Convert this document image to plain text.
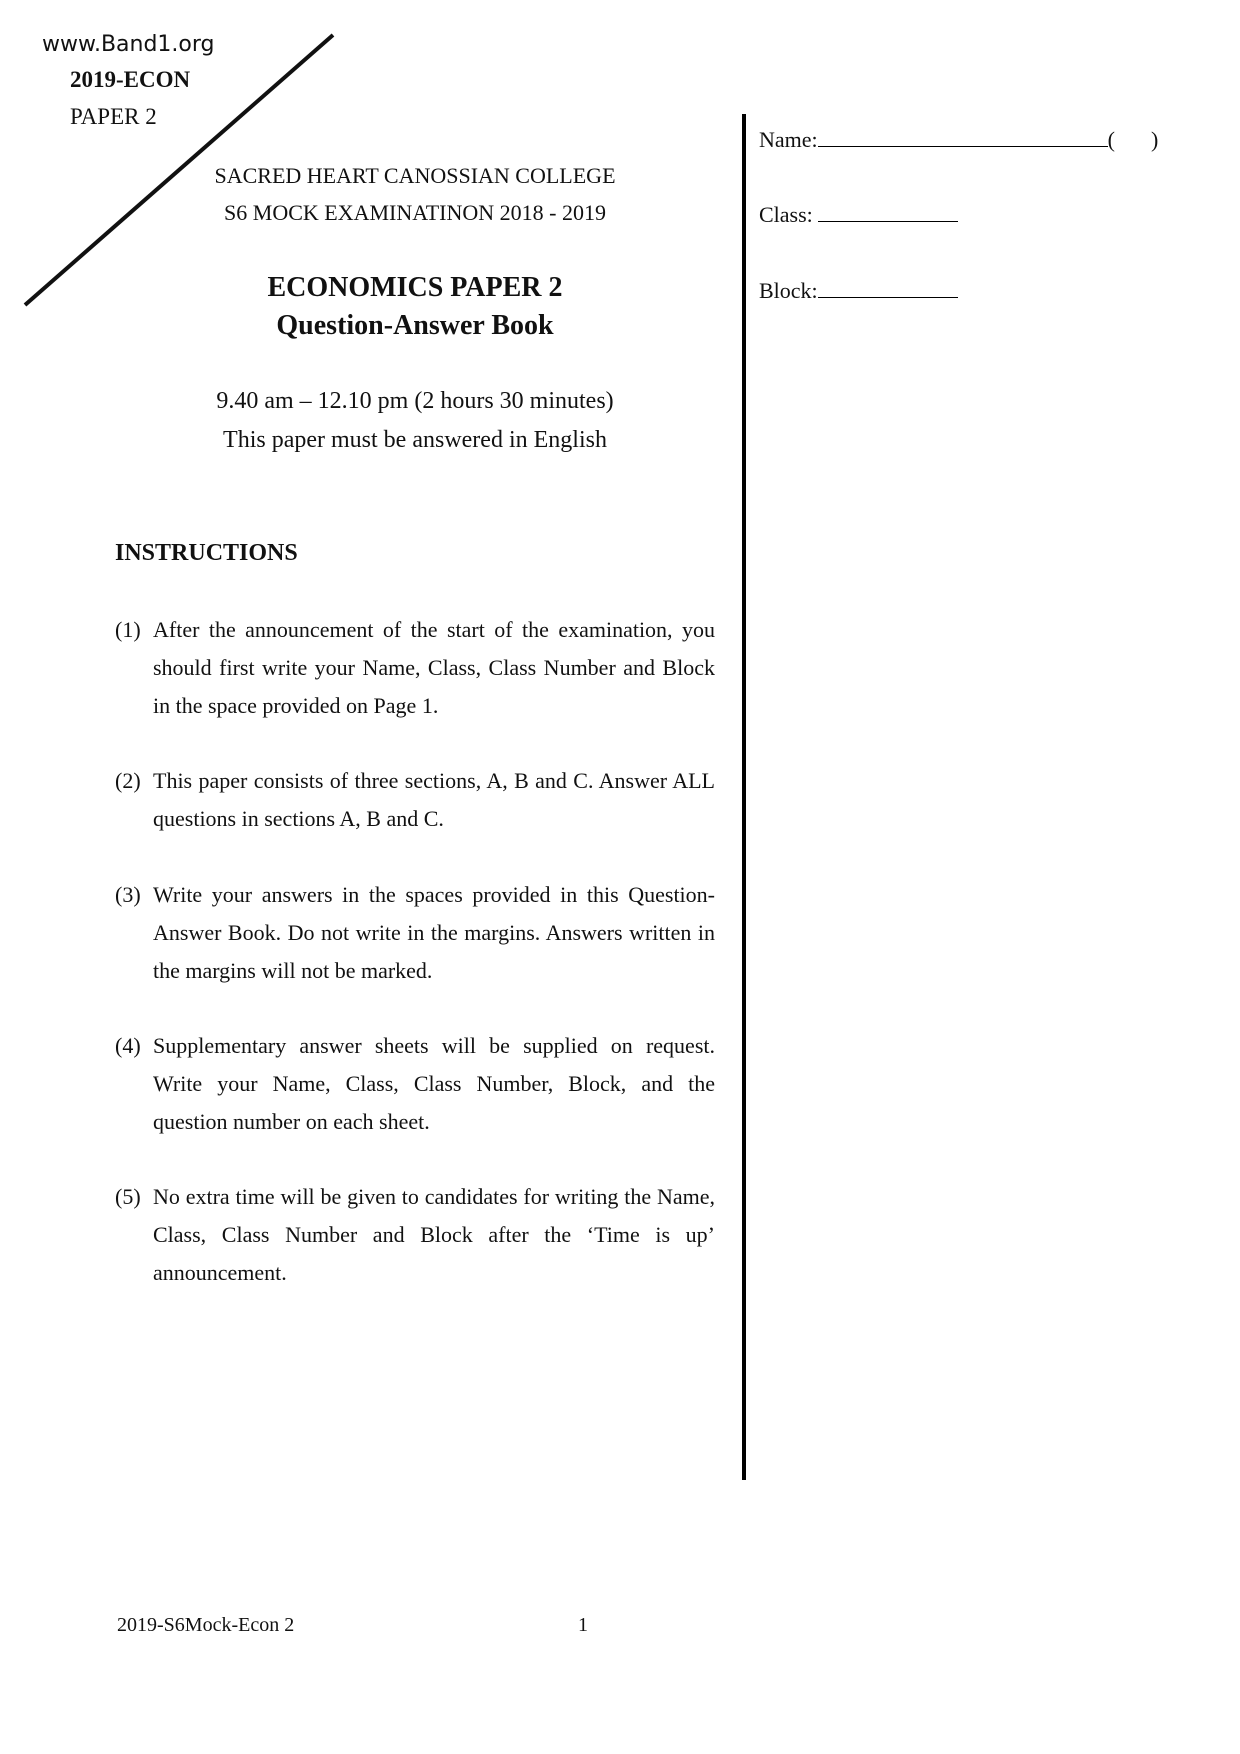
www.Band1.org
2019-ECON
PAPER 2
SACRED HEART CANOSSIAN COLLEGE
S6 MOCK EXAMINATINON 2018 - 2019
ECONOMICS PAPER 2
Question-Answer Book
9.40 am – 12.10 pm (2 hours 30 minutes)
This paper must be answered in English
INSTRUCTIONS
(1) After the announcement of the start of the examination, you should first write your Name, Class, Class Number and Block in the space provided on Page 1.
(2) This paper consists of three sections, A, B and C. Answer ALL questions in sections A, B and C.
(3) Write your answers in the spaces provided in this Question-Answer Book. Do not write in the margins. Answers written in the margins will not be marked.
(4) Supplementary answer sheets will be supplied on request. Write your Name, Class, Class Number, Block, and the question number on each sheet.
(5) No extra time will be given to candidates for writing the Name, Class, Class Number and Block after the ‘Time is up’ announcement.
Name:	( )
Class:
Block:
2019-S6Mock-Econ 2	1
